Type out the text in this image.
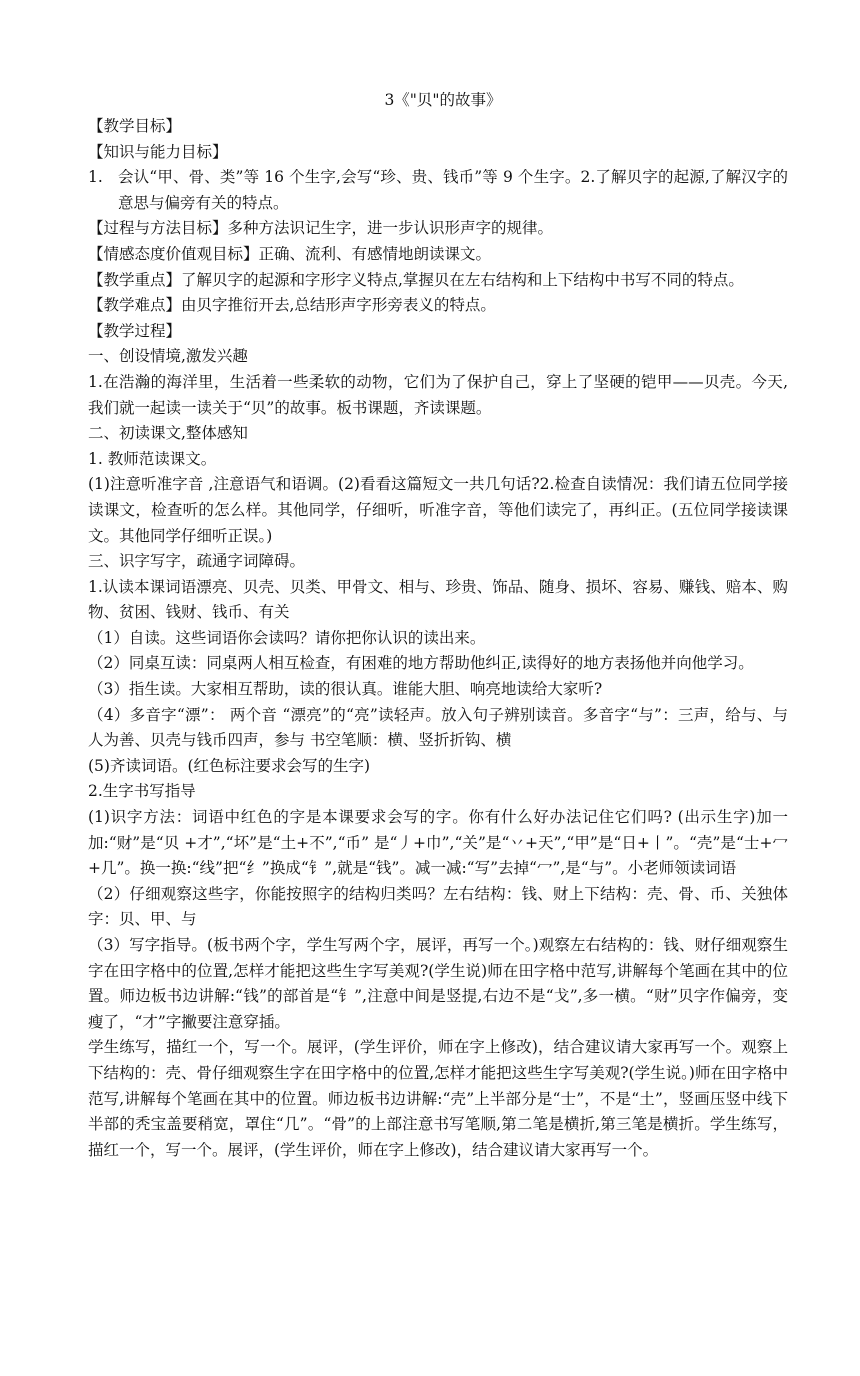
3《"贝"的故事》

【教学目标】

【知识与能力目标】

1. 会认“甲、骨、类”等 16 个生字,会写“珍、贵、钱币”等 9 个生字。2.了解贝字的起源,了解汉字的意思与偏旁有关的特点。

【过程与方法目标】多种方法识记生字，进一步认识形声字的规律。

【情感态度价值观目标】正确、流利、有感情地朗读课文。

【教学重点】了解贝字的起源和字形字义特点,掌握贝在左右结构和上下结构中书写不同的特点。

【教学难点】由贝字推衍开去,总结形声字形旁表义的特点。

【教学过程】

一、创设情境,激发兴趣

1.在浩瀚的海洋里，生活着一些柔软的动物，它们为了保护自己，穿上了坚硬的铠甲——贝壳。今天,我们就一起读一读关于“贝”的故事。板书课题，齐读课题。

二、初读课文,整体感知

1. 教师范读课文。

(1)注意听准字音 ,注意语气和语调。(2)看看这篇短文一共几句话?2.检查自读情况：我们请五位同学接读课文，检查听的怎么样。其他同学，仔细听，听准字音，等他们读完了，再纠正。(五位同学接读课文。其他同学仔细听正误。)

三、识字写字，疏通字词障碍。

1.认读本课词语漂亮、贝壳、贝类、甲骨文、相与、珍贵、饰品、随身、损坏、容易、赚钱、赔本、购物、贫困、钱财、钱币、有关

（1）自读。这些词语你会读吗？请你把你认识的读出来。

（2）同桌互读：同桌两人相互检查，有困难的地方帮助他纠正,读得好的地方表扬他并向他学习。

（3）指生读。大家相互帮助，读的很认真。谁能大胆、响亮地读给大家听?

（4）多音字“漂”： 两个音 “漂亮”的“亮”读轻声。放入句子辨别读音。多音字“与”：三声，给与、与人为善、贝壳与钱币四声，参与 书空笔顺：横、竖折折钩、横

(5)齐读词语。(红色标注要求会写的生字)

2.生字书写指导

(1)识字方法：词语中红色的字是本课要求会写的字。你有什么好办法记住它们吗? (出示生字)加一加:“财”是“贝 +才”,“坏”是“土+不”,“币” 是“丿+巾”,“关”是“丷+天”,“甲”是“日+丨”。“壳”是“士+冖+几”。换一换:“线”把“纟”换成“钅”,就是“钱”。减一减:“写”去掉“冖”,是“与”。小老师领读词语

（2）仔细观察这些字，你能按照字的结构归类吗？左右结构：钱、财上下结构：壳、骨、币、关独体字：贝、甲、与

（3）写字指导。(板书两个字，学生写两个字，展评，再写一个。)观察左右结构的：钱、财仔细观察生字在田字格中的位置,怎样才能把这些生字写美观?(学生说)师在田字格中范写,讲解每个笔画在其中的位置。师边板书边讲解:“钱”的部首是“钅”,注意中间是竖提,右边不是“戈”,多一横。“财”贝字作偏旁，变瘦了，“才”字撇要注意穿插。

学生练写，描红一个，写一个。展评，(学生评价，师在字上修改)，结合建议请大家再写一个。观察上下结构的：壳、骨仔细观察生字在田字格中的位置,怎样才能把这些生字写美观?(学生说。)师在田字格中范写,讲解每个笔画在其中的位置。师边板书边讲解:“壳”上半部分是“士”，不是“土”，竖画压竖中线下半部的秃宝盖要稍宽，罩住“几”。“骨”的上部注意书写笔顺,第二笔是横折,第三笔是横折。学生练写，描红一个，写一个。展评，(学生评价，师在字上修改)，结合建议请大家再写一个。
